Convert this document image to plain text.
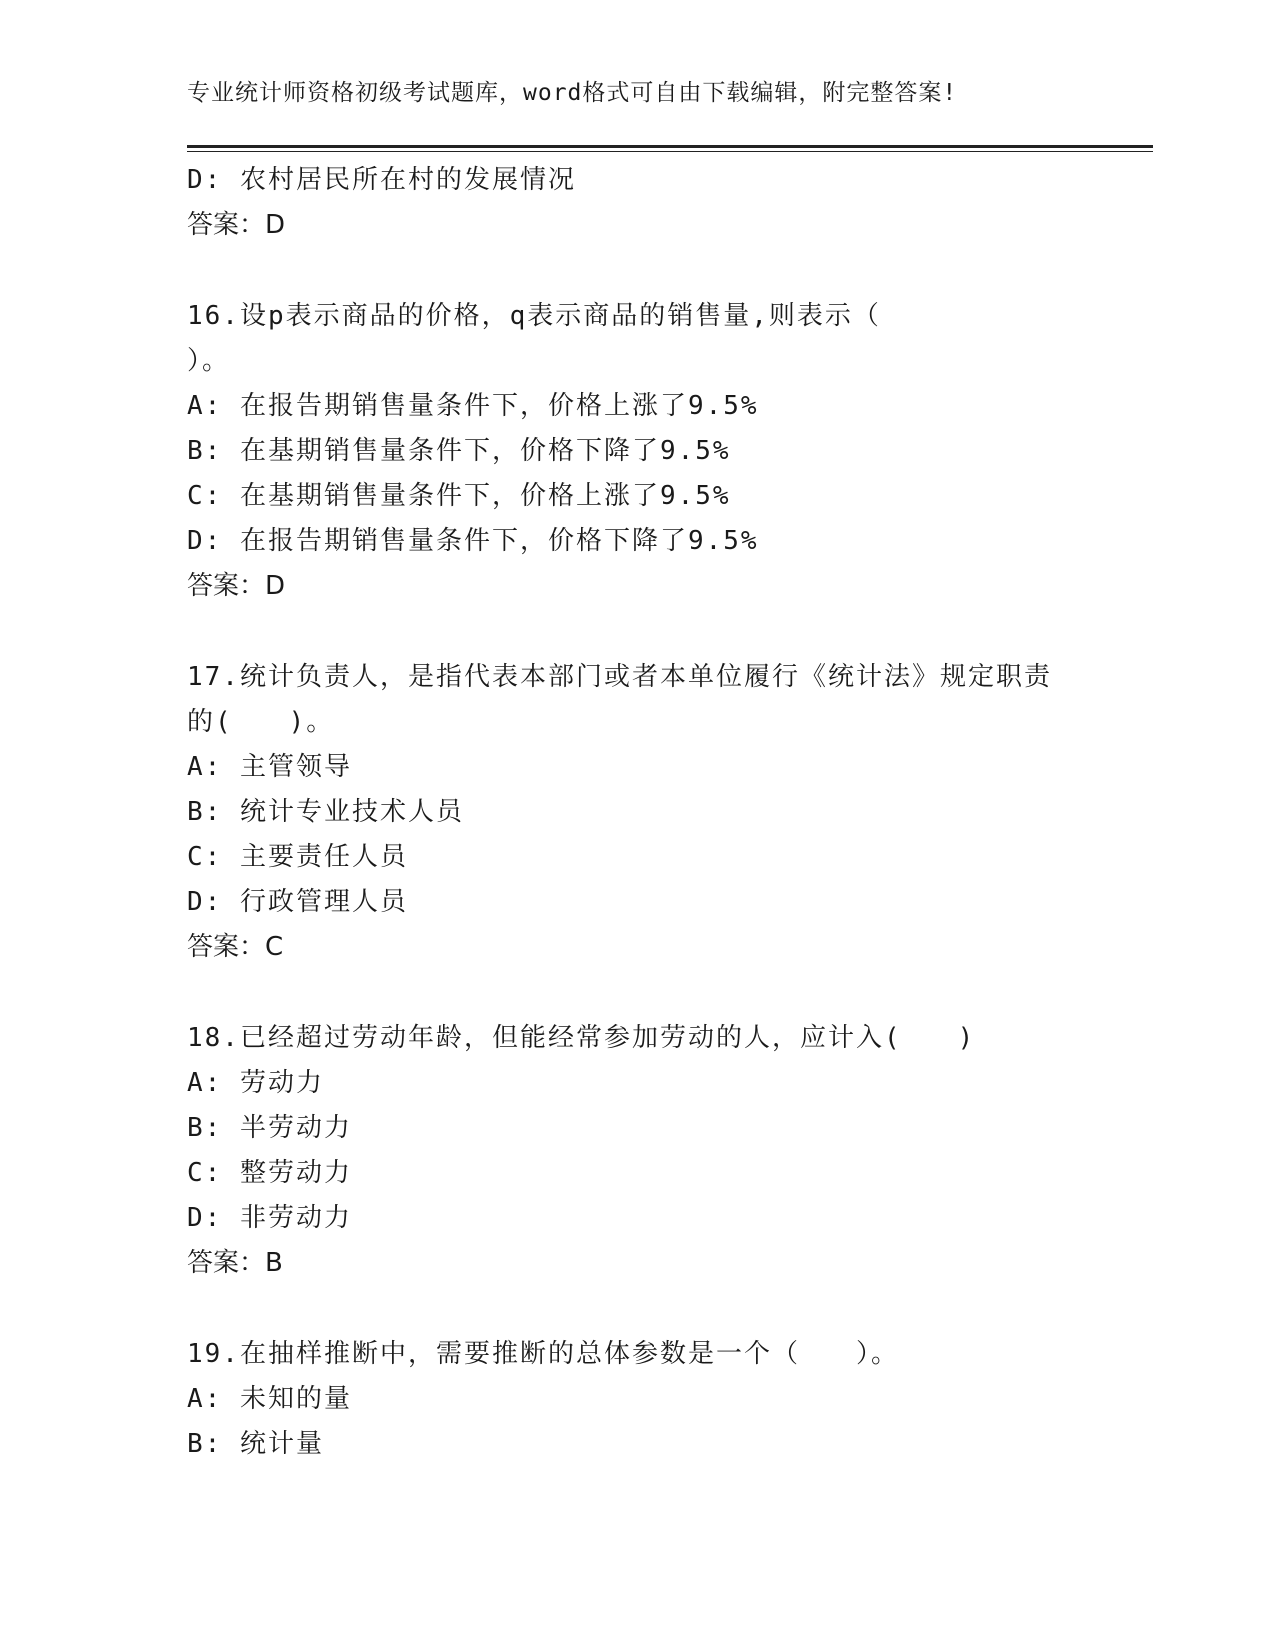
专业统计师资格初级考试题库，word格式可自由下载编辑，附完整答案!
D: 农村居民所在村的发展情况
答案：D
16.设p表示商品的价格，q表示商品的销售量,则表示（
）。
A: 在报告期销售量条件下，价格上涨了9.5%
B: 在基期销售量条件下，价格下降了9.5%
C: 在基期销售量条件下，价格上涨了9.5%
D: 在报告期销售量条件下，价格下降了9.5%
答案：D
17.统计负责人，是指代表本部门或者本单位履行《统计法》规定职责
的(　　)。
A: 主管领导
B: 统计专业技术人员
C: 主要责任人员
D: 行政管理人员
答案：C
18.已经超过劳动年龄，但能经常参加劳动的人，应计入(　　)
A: 劳动力
B: 半劳动力
C: 整劳动力
D: 非劳动力
答案：B
19.在抽样推断中，需要推断的总体参数是一个（　　）。
A: 未知的量
B: 统计量
